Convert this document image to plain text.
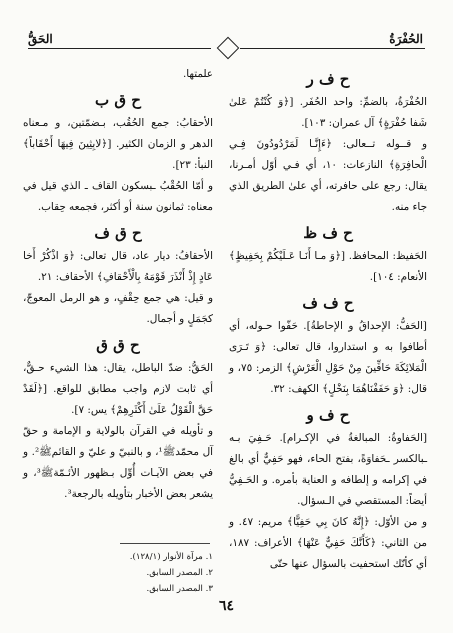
الحُفْرَةُ
الحَقُّ
ح ف ر

الحُفْرَةُ، بالضمِّ: واحد الحُفَر. [﴿وَ كُنْتُمْ عَلىٰ شَفا حُفْرَةٍ﴾ آل عمران: ١٠٣].

و قــوله تــعالى: ﴿ءَإِنَّـا لَمَرْدُودُونَ فِـي الْحافِرَةِ﴾ النازعات: ١٠، أي فـي أوّل أمـرنا، يقال: رجع على حافرته، أي علىٰ الطريق الذي جاء منه.

ح ف ظ

الحَفيظ: المحافظ. [﴿وَ مـا أَنَـا عَـلَيْكُمْ بِحَفِيظٍ﴾ الأنعام: ١٠٤].

ح ف ف

[الحَفُّ: الإحداقُ و الإحاطةُ]. حَفّوا حـوله، أي أطافوا به و استداروا، قال تعالى: ﴿وَ تَـرَى الْمَلائِكَةَ حَافِّينَ مِنْ حَوْلِ الْعَرْشِ﴾ الزمر: ٧٥، و قال: ﴿وَ حَفَفْنَاهُمَا بِنَخْلٍ﴾ الكهف: ٣٢.

ح ف و

[الحَفاوةُ: المبالغةُ في الإكـرام]. حَـفِيَ بـه ـبالكسر ـحَفاوَةً، بفتح الحاء، فهو حَفِيٌّ أي بالغ في إكرامه و إلطافه و العناية بأمره. و الحَـفِيُّ أيضاً: المستقصي في الـسؤال.

و من الأوّل: ﴿إِنَّهُ كانَ بِي حَفِيًّا﴾ مريم: ٤٧. و من الثاني: ﴿كَأَنَّكَ حَفِيٌّ عَنْهَا﴾ الأعراف: ١٨٧، أي كأنّك استحفيت بالسؤال عنها حتّى

علمتها.

ح ق ب

الأحقابُ: جمع الحُقُب، بـضمّتين، و مـعناه الدهر و الزمان الكثير. [﴿لابِثِينَ فِيهَا أَحْقَاباً﴾ النبأ: ٢٣].

و أمّا الحُقْبُ ـبسكون القاف ـ الذي قيل في معناه: ثمانون سنة أو أكثر، فجمعه حِقاب.

ح ق ف

الأحقافُ: ديار عاد، قال تعالى: ﴿وَ اذْكُرْ أَخا عَادٍ إِذْ أَنْذَرَ قَوْمَهُ بِالْأَحْقافِ﴾ الأحقاف: ٢١.

و قيل: هي جمع حِقْفٍ، و هو الرمل المعوجّ، كجَمَلٍ و أجمال.

ح ق ق

الحَقُّ: ضدّ الباطل، يقال: هذا الشيء حـقٌّ، أي ثابت لازم واجب مطابق للواقع. [﴿لَقَدْ حَقَّ الْقَوْلُ عَلَىٰ أَكْثَرِهِمْ﴾ يس: ٧].

و تأويله في القرآن بالولاية و الإمامة و حقّ آل محمّدﷺ¹، و بالنبيّ و عليّ و القائمﷺ². و في بعض الآيـات أُوِّل بـظهور الأئـمّةﷺ³، و يشعر بعض الأخبار بتأويله بالرجعة³.

١. مرآة الأنوار (١٢٨/١).
٢. المصدر السابق.
٣. المصدر السابق.
٦٤
